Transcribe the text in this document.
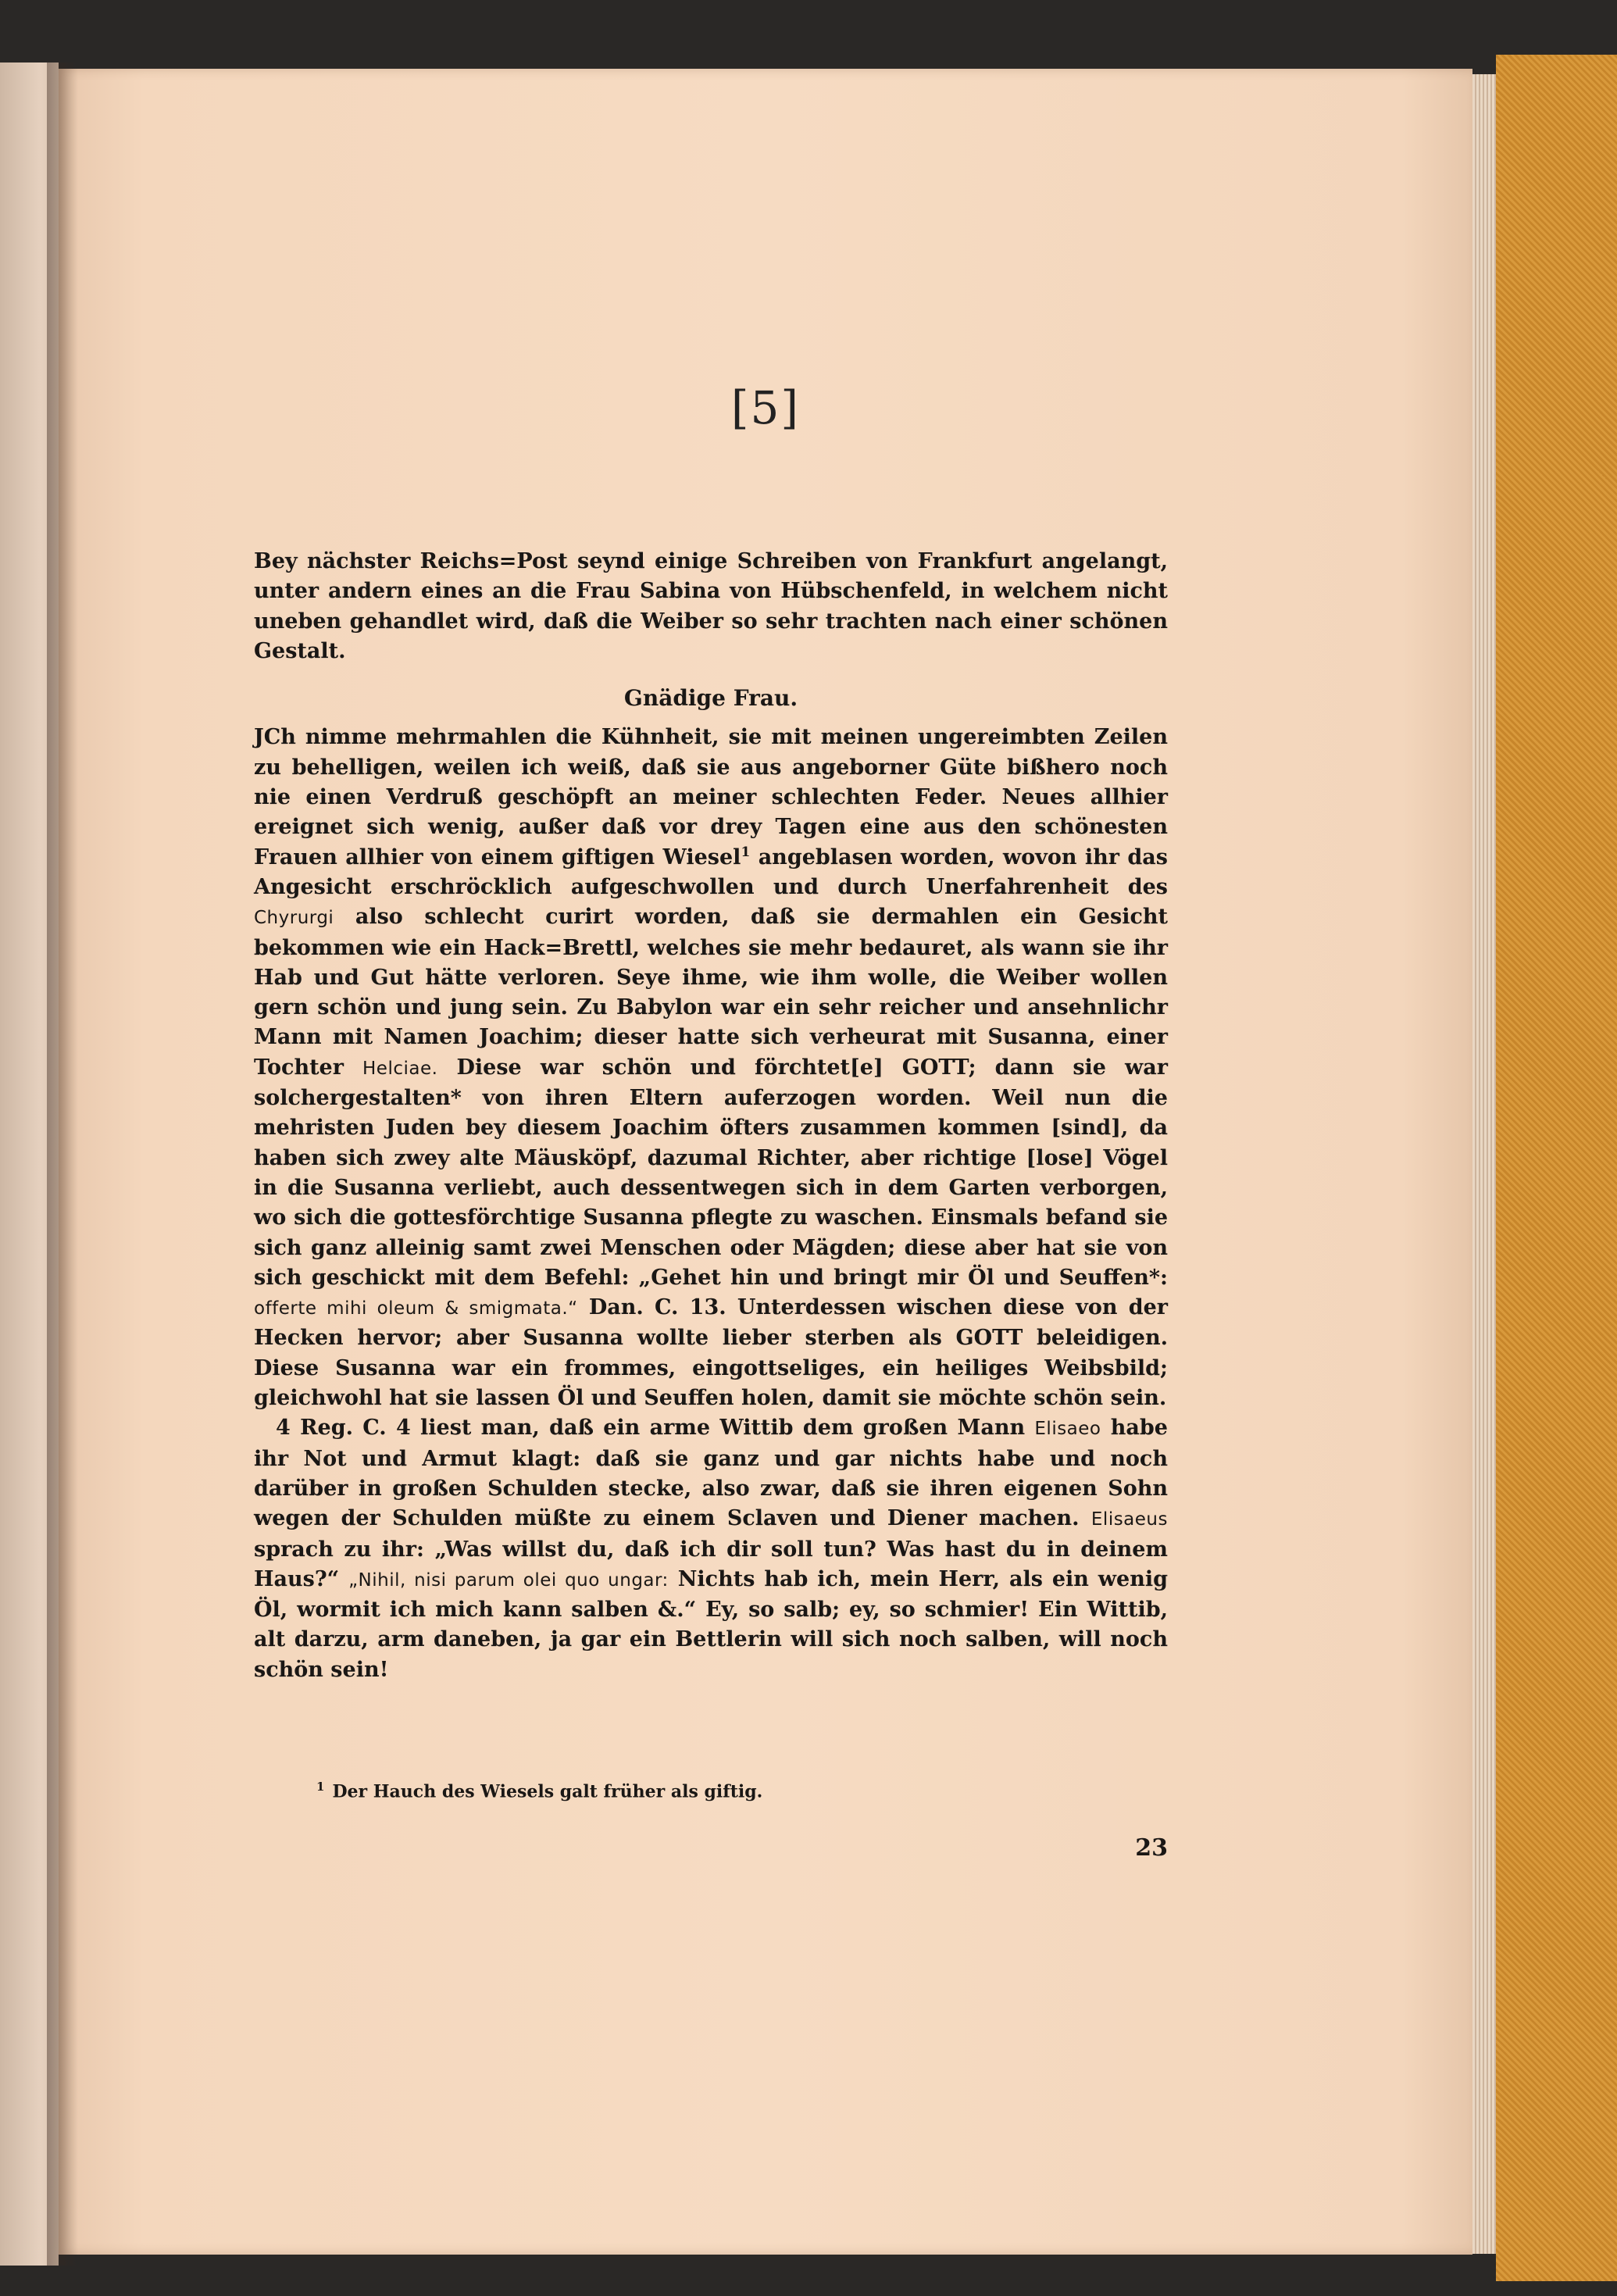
[5]

Bey nächster Reichs=Post seynd einige Schreiben von Frankfurt angelangt, unter andern eines an die Frau Sabina von Hübschenfeld, in welchem nicht uneben gehandlet wird, daß die Weiber so sehr trachten nach einer schönen Gestalt.

Gnädige Frau.

JCh nimme mehrmahlen die Kühnheit, sie mit meinen ungereimbten Zeilen zu behelligen, weilen ich weiß, daß sie aus angeborner Güte bißhero noch nie einen Verdruß geschöpft an meiner schlechten Feder. Neues allhier ereignet sich wenig, außer daß vor drey Tagen eine aus den schönesten Frauen allhier von einem giftigen Wiesel$^1$ angeblasen worden, wovon ihr das Angesicht erschröcklich aufgeschwollen und durch Unerfahrenheit des Chyrurgi also schlecht curirt worden, daß sie dermahlen ein Gesicht bekommen wie ein Hack=Brettl, welches sie mehr bedauret, als wann sie ihr Hab und Gut hätte verloren. Seye ihme, wie ihm wolle, die Weiber wollen gern schön und jung sein. Zu Babylon war ein sehr reicher und ansehnlichr Mann mit Namen Joachim; dieser hatte sich verheurat mit Susanna, einer Tochter Helciae. Diese war schön und förchtet[e] GOTT; dann sie war solchergestalten* von ihren Eltern auferzogen worden. Weil nun die mehristen Juden bey diesem Joachim öfters zusammen kommen [sind], da haben sich zwey alte Mäusköpf, dazumal Richter, aber richtige [lose] Vögel in die Susanna verliebt, auch dessentwegen sich in dem Garten verborgen, wo sich die gottesförchtige Susanna pflegte zu waschen. Einsmals befand sie sich ganz alleinig samt zwei Menschen oder Mägden; diese aber hat sie von sich geschickt mit dem Befehl: „Gehet hin und bringt mir Öl und Seuffen*: offerte mihi oleum & smigmata.“ Dan. C. 13. Unterdessen wischen diese von der Hecken hervor; aber Susanna wollte lieber sterben als GOTT beleidigen. Diese Susanna war ein frommes, eingottseliges, ein heiliges Weibsbild; gleichwohl hat sie lassen Öl und Seuffen holen, damit sie möchte schön sein.

4 Reg. C. 4 liest man, daß ein arme Wittib dem großen Mann Elisaeo habe ihr Not und Armut klagt: daß sie ganz und gar nichts habe und noch darüber in großen Schulden stecke, also zwar, daß sie ihren eigenen Sohn wegen der Schulden müßte zu einem Sclaven und Diener machen. Elisaeus sprach zu ihr: „Was willst du, daß ich dir soll tun? Was hast du in deinem Haus?“ „Nihil, nisi parum olei quo ungar: Nichts hab ich, mein Herr, als ein wenig Öl, wormit ich mich kann salben &.“ Ey, so salb; ey, so schmier! Ein Wittib, alt darzu, arm daneben, ja gar ein Bettlerin will sich noch salben, will noch schön sein!

$^1$ Der Hauch des Wiesels galt früher als giftig.
23
